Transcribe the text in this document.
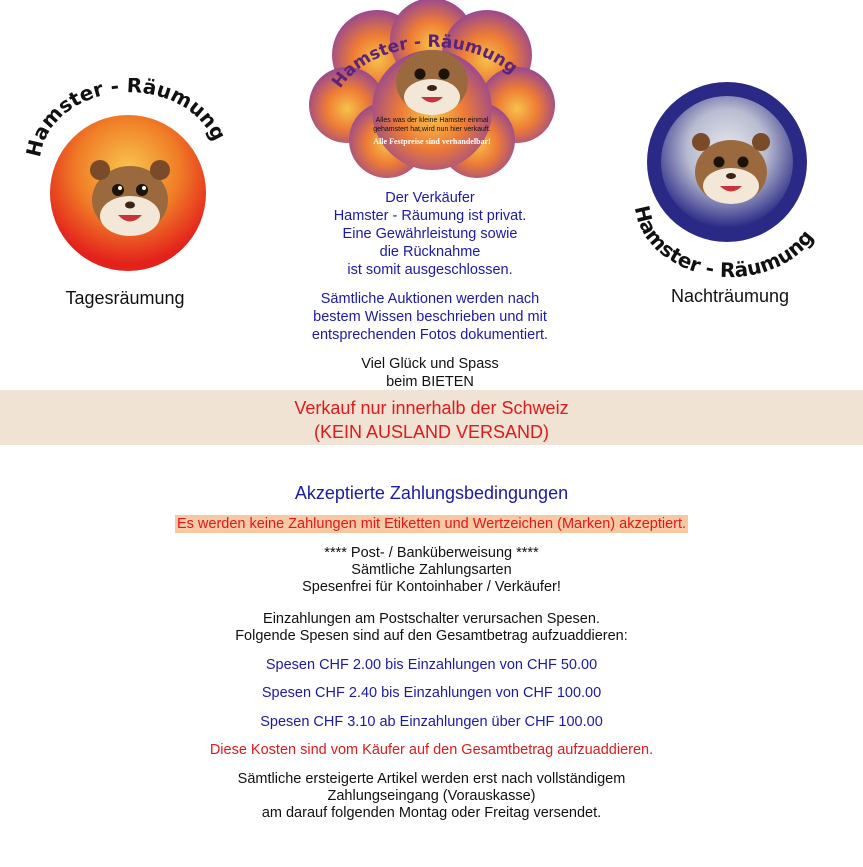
Hamster - Räumun
Tagesräumung
Hamster - Räumung
Alles was der kleine Hamster einmal gehamstert hat,wird nun hier verkauft.
Alle Festpreise sind verhandelbar!
Hamster - Räumung
Nachträumung
Der Verkäufer
Hamster - Räumung ist privat.
Eine Gewährleistung sowie
die Rücknahme
ist somit ausgeschlossen.
Sämtliche Auktionen werden nach
bestem Wissen beschrieben und mit
entsprechenden Fotos dokumentiert.
Viel Glück und Spass
beim BIETEN
Verkauf nur innerhalb der Schweiz
(KEIN AUSLAND VERSAND)
Akzeptierte Zahlungsbedingungen
Es werden keine Zahlungen mit Etiketten und Wertzeichen (Marken) akzeptiert.
**** Post- / Banküberweisung ****
Sämtliche Zahlungsarten
Spesenfrei für Kontoinhaber / Verkäufer!
Einzahlungen am Postschalter verursachen Spesen.
Folgende Spesen sind auf den Gesamtbetrag aufzuaddieren:
Spesen CHF 2.00 bis Einzahlungen von CHF 50.00
Spesen CHF 2.40 bis Einzahlungen von CHF 100.00
Spesen CHF 3.10 ab Einzahlungen über CHF 100.00
Diese Kosten sind vom Käufer auf den Gesamtbetrag aufzuaddieren.
Sämtliche ersteigerte Artikel werden erst nach vollständigem
Zahlungseingang (Vorauskasse)
am darauf folgenden Montag oder Freitag versendet.
